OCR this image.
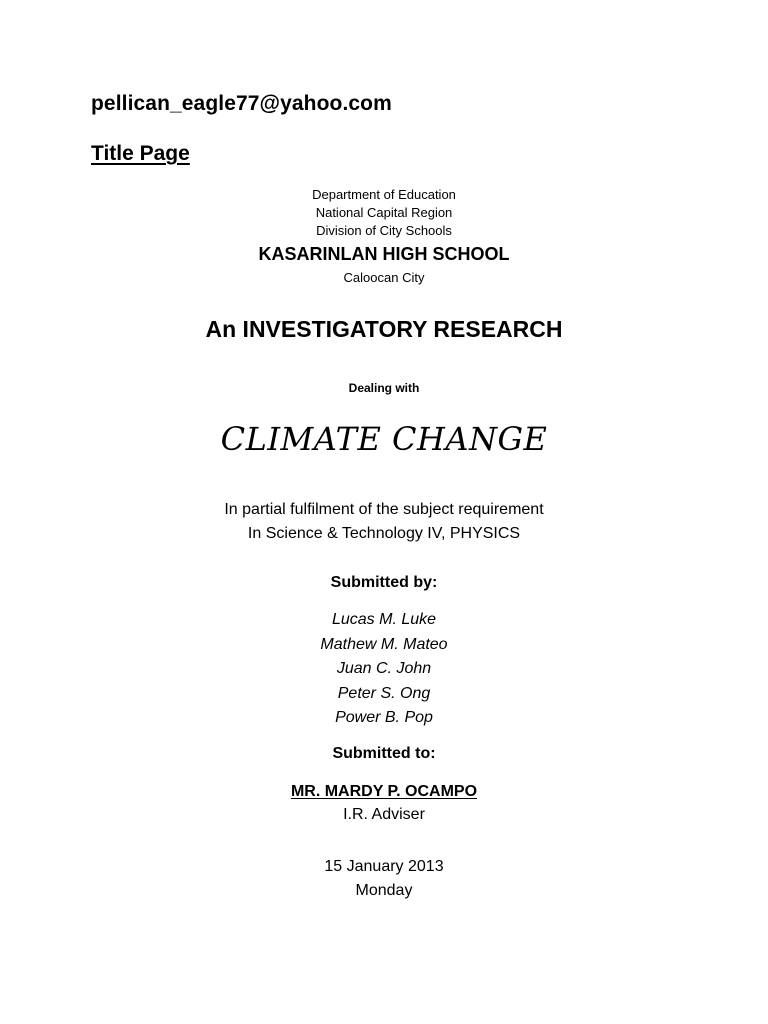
pellican_eagle77@yahoo.com
Title Page
Department of Education
National Capital Region
Division of City Schools
KASARINLAN HIGH SCHOOL
Caloocan City
An INVESTIGATORY RESEARCH
Dealing with
CLIMATE CHANGE
In partial fulfilment of the subject requirement
In Science & Technology IV, PHYSICS
Submitted by:
Lucas M. Luke
Mathew M. Mateo
Juan C. John
Peter S. Ong
Power B. Pop
Submitted to:
MR. MARDY P. OCAMPO
I.R. Adviser
15 January 2013
Monday
